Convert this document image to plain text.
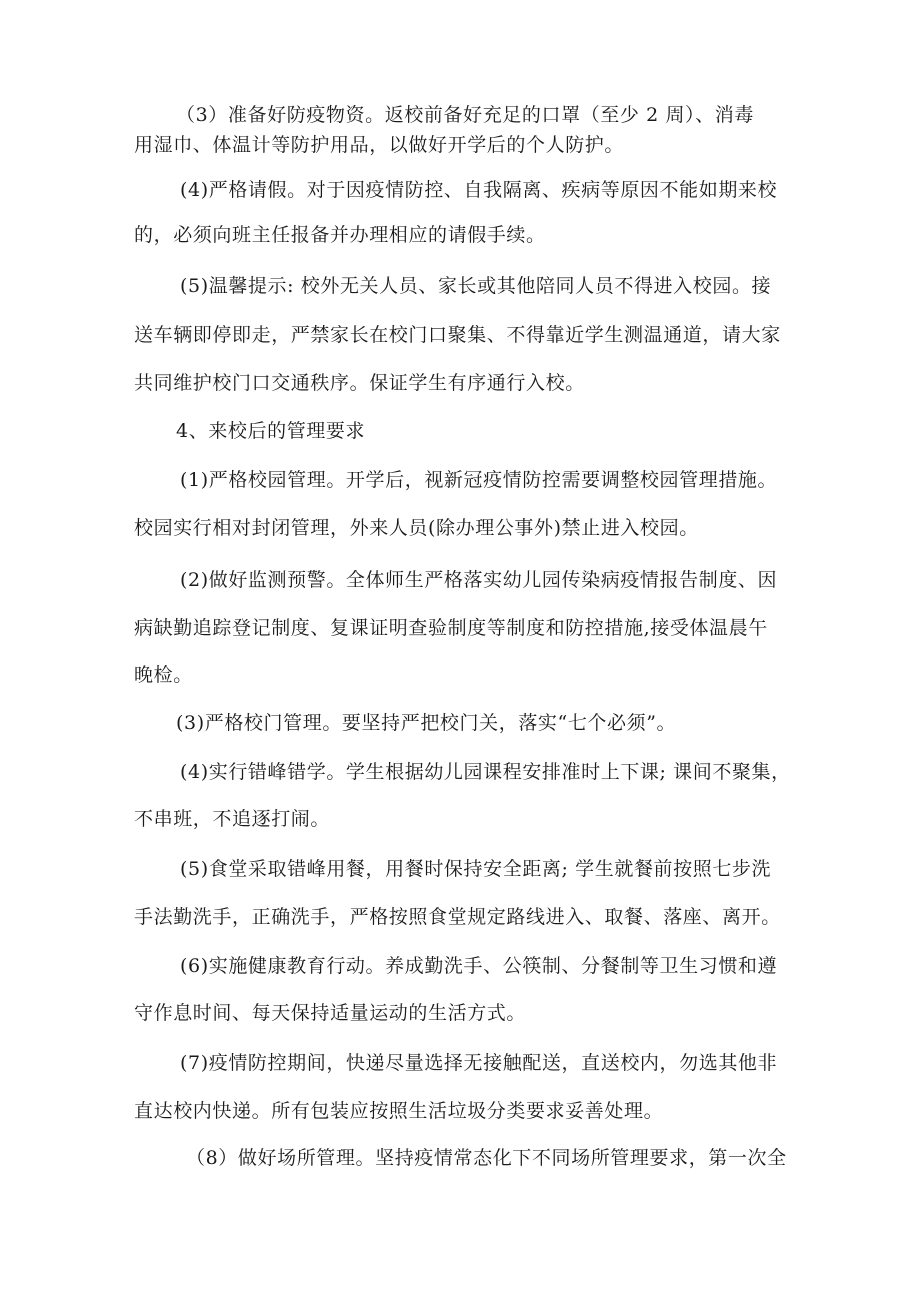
（3）准备好防疫物资。返校前备好充足的口罩（至少 2 周）、消毒
用湿巾、体温计等防护用品，以做好开学后的个人防护。
(4)严格请假。对于因疫情防控、自我隔离、疾病等原因不能如期来校
的，必须向班主任报备并办理相应的请假手续。
(5)温馨提示: 校外无关人员、家长或其他陪同人员不得进入校园。接
送车辆即停即走，严禁家长在校门口聚集、不得靠近学生测温通道，请大家
共同维护校门口交通秩序。保证学生有序通行入校。
4、来校后的管理要求
(1)严格校园管理。开学后，视新冠疫情防控需要调整校园管理措施。
校园实行相对封闭管理，外来人员(除办理公事外)禁止进入校园。
(2)做好监测预警。全体师生严格落实幼儿园传染病疫情报告制度、因
病缺勤追踪登记制度、复课证明查验制度等制度和防控措施,接受体温晨午
晚检。
(3)严格校门管理。要坚持严把校门关，落实“七个必须”。
(4)实行错峰错学。学生根据幼儿园课程安排准时上下课; 课间不聚集，
不串班，不追逐打闹。
(5)食堂采取错峰用餐，用餐时保持安全距离; 学生就餐前按照七步洗
手法勤洗手，正确洗手，严格按照食堂规定路线进入、取餐、落座、离开。
(6)实施健康教育行动。养成勤洗手、公筷制、分餐制等卫生习惯和遵
守作息时间、每天保持适量运动的生活方式。
(7)疫情防控期间，快递尽量选择无接触配送，直送校内，勿选其他非
直达校内快递。所有包装应按照生活垃圾分类要求妥善处理。
（8）做好场所管理。坚持疫情常态化下不同场所管理要求，第一次全
